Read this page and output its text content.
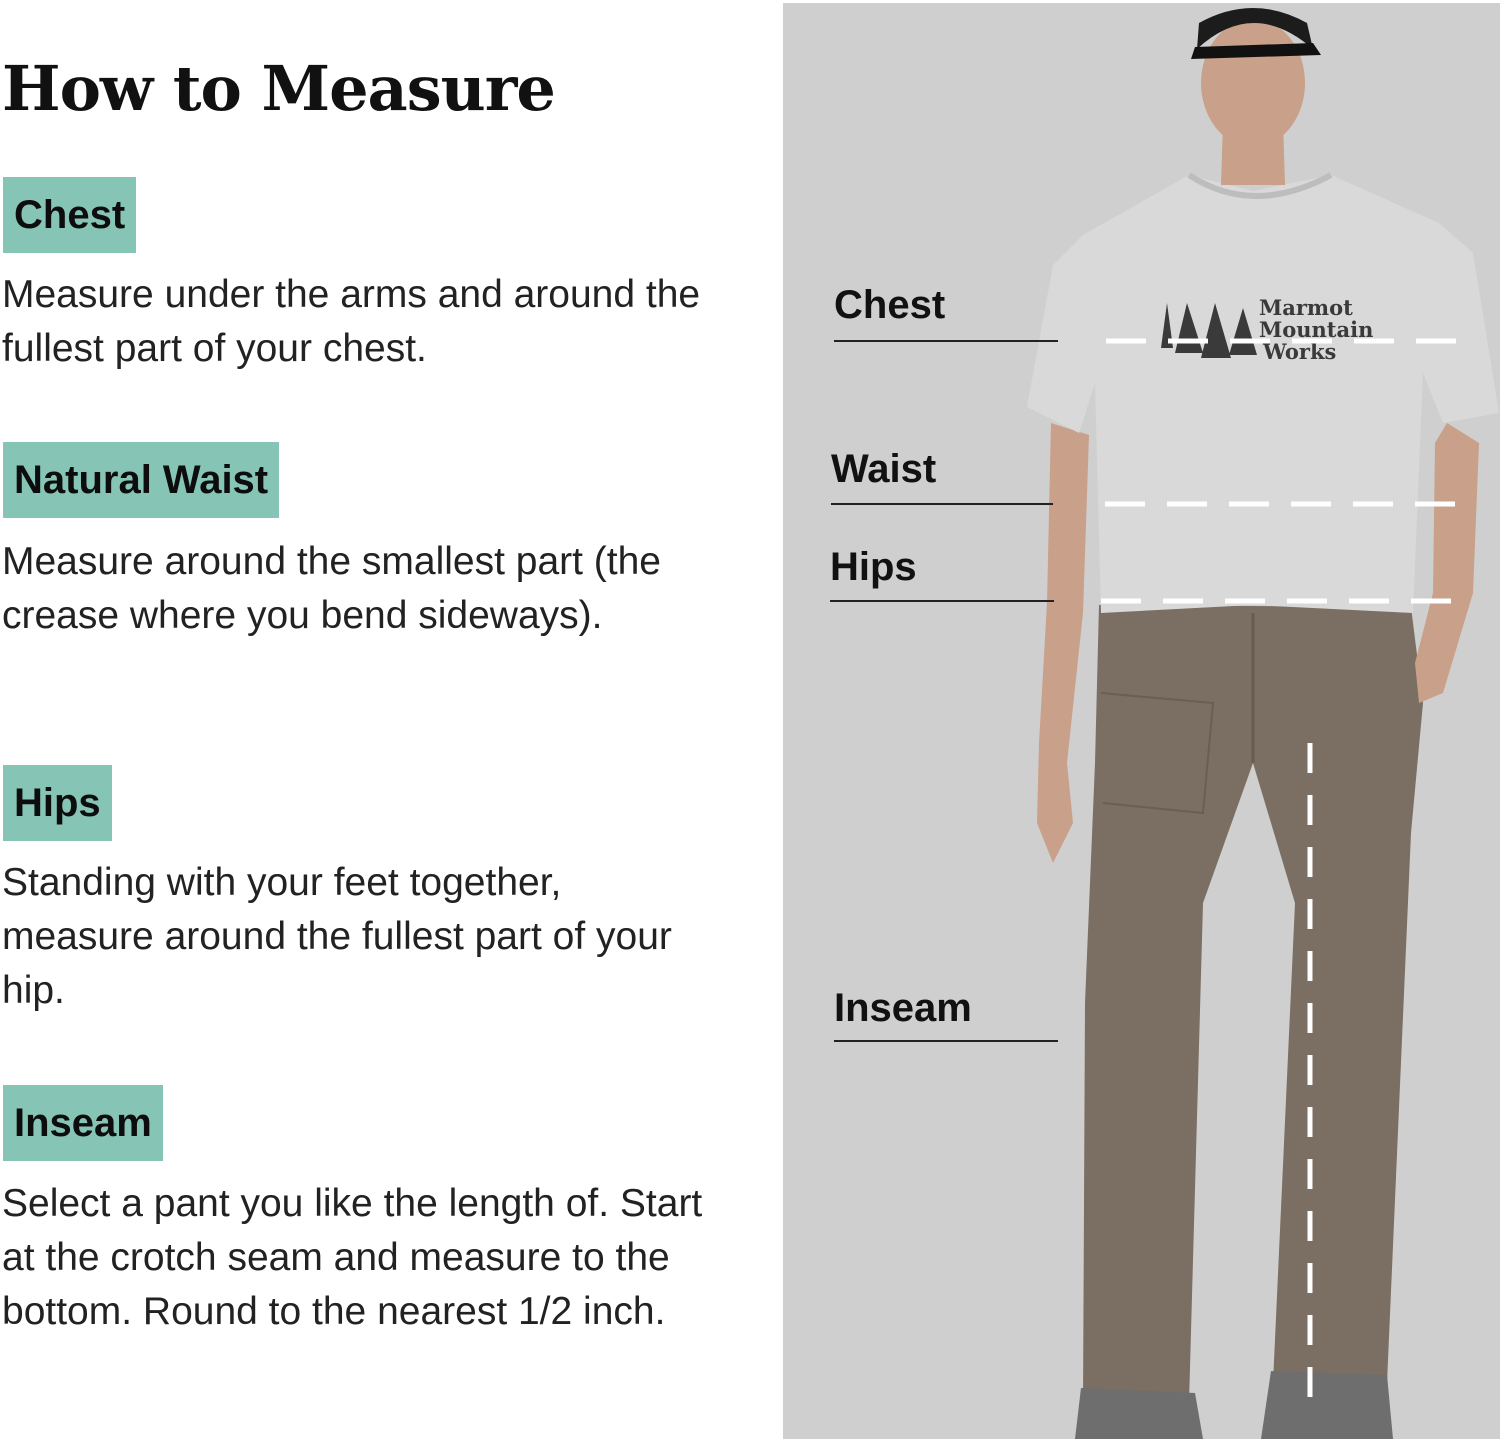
How to Measure
Chest

Measure under the arms and around the fullest part of your chest.

Natural Waist

Measure around the smallest part (the crease where you bend sideways).

Hips

Standing with your feet together, measure around the fullest part of your hip.

Inseam

Select a pant you like the length of. Start at the crotch seam and measure to the bottom. Round to the nearest 1/2 inch.

Marmot
Mountain
Works
Chest
Waist
Hips
Inseam
